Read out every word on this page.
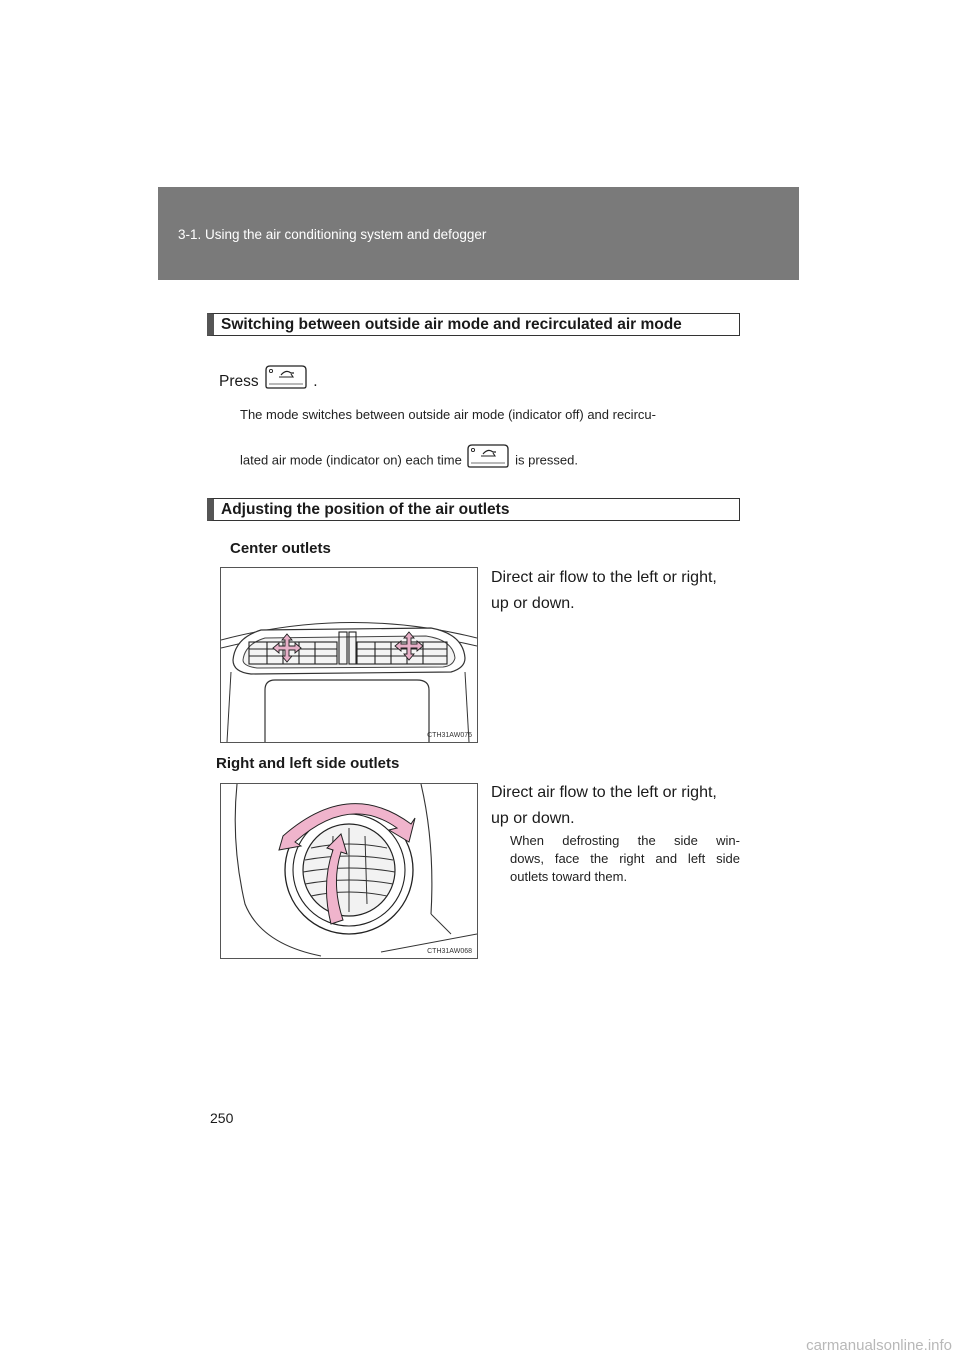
3-1. Using the air conditioning system and defogger
Switching between outside air mode and recirculated air mode
Press	.
The mode switches between outside air mode (indicator off) and recircu-
lated air mode (indicator on) each time	is pressed.
Adjusting the position of the air outlets
Center outlets
CTH31AW076
Direct air flow to the left or right,
up or down.
Right and left side outlets
CTH31AW068
Direct air flow to the left or right,
up or down.
When defrosting the side win-
dows, face the right and left side
outlets toward them.
250
carmanualsonline.info
